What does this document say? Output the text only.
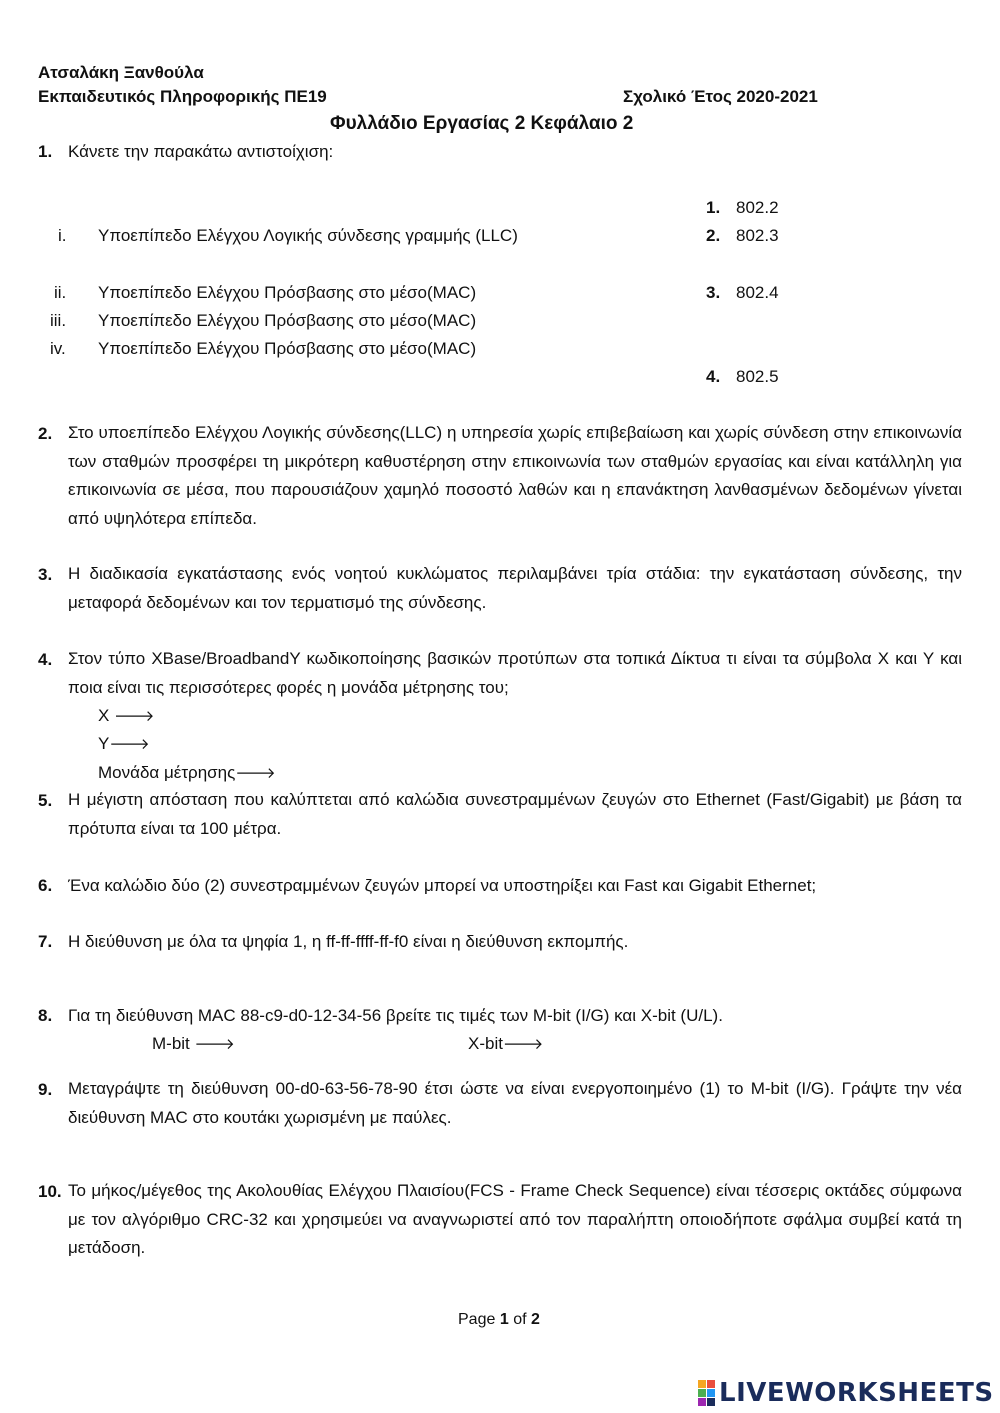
Ατσαλάκη Ξανθούλα
Εκπαιδευτικός Πληροφορικής ΠΕ19	Σχολικό Έτος 2020-2021
Φυλλάδιο Εργασίας 2 Κεφάλαιο 2
1. Κάνετε την παρακάτω αντιστοίχιση:
i. Υποεπίπεδο Ελέγχου Λογικής σύνδεσης γραμμής (LLC)
ii. Υποεπίπεδο Ελέγχου Πρόσβασης στο μέσο(MAC)
iii. Υποεπίπεδο Ελέγχου Πρόσβασης στο μέσο(MAC)
iv. Υποεπίπεδο Ελέγχου Πρόσβασης στο μέσο(MAC)
1. 802.2
2. 802.3
3. 802.4
4. 802.5
2. Στο υποεπίπεδο Ελέγχου Λογικής σύνδεσης(LLC) η υπηρεσία χωρίς επιβεβαίωση και χωρίς σύνδεση στην επικοινωνία των σταθμών προσφέρει τη μικρότερη καθυστέρηση στην επικοινωνία των σταθμών εργασίας και είναι κατάλληλη για επικοινωνία σε μέσα, που παρουσιάζουν χαμηλό ποσοστό λαθών και η επανάκτηση λανθασμένων δεδομένων γίνεται από υψηλότερα επίπεδα.
3. Η διαδικασία εγκατάστασης ενός νοητού κυκλώματος περιλαμβάνει τρία στάδια: την εγκατάσταση σύνδεσης, την μεταφορά δεδομένων και τον τερματισμό της σύνδεσης.
4. Στον τύπο XBase/BroadbandY κωδικοποίησης βασικών προτύπων στα τοπικά Δίκτυα τι είναι τα σύμβολα Χ και Υ και ποια είναι τις περισσότερες φορές η μονάδα μέτρησης του;
X 🡒
Y🡒
Μονάδα μέτρησης🡒
5. Η μέγιστη απόσταση που καλύπτεται από καλώδια συνεστραμμένων ζευγών στο Ethernet (Fast/Gigabit) με βάση τα πρότυπα είναι τα 100 μέτρα.
6. Ένα καλώδιο δύο (2) συνεστραμμένων ζευγών μπορεί να υποστηρίξει και Fast και Gigabit Ethernet;
7. Η διεύθυνση με όλα τα ψηφία 1, η ff-ff-ffff-ff-f0 είναι η διεύθυνση εκπομπής.
8. Για τη διεύθυνση MAC 88-c9-d0-12-34-56 βρείτε τις τιμές των M-bit (I/G) και X-bit (U/L).
M-bit 🡒	X-bit🡒
9. Μεταγράψτε τη διεύθυνση 00-d0-63-56-78-90 έτσι ώστε να είναι ενεργοποιημένο (1) το M-bit (I/G). Γράψτε την νέα διεύθυνση MAC στο κουτάκι χωρισμένη με παύλες.
10. Το μήκος/μέγεθος της Ακολουθίας Ελέγχου Πλαισίου(FCS - Frame Check Sequence) είναι τέσσερις οκτάδες σύμφωνα με τον αλγόριθμο CRC-32 και χρησιμεύει να αναγνωριστεί από τον παραλήπτη οποιοδήποτε σφάλμα συμβεί κατά τη μετάδοση.
Page 1 of 2
LIVEWORKSHEETS
